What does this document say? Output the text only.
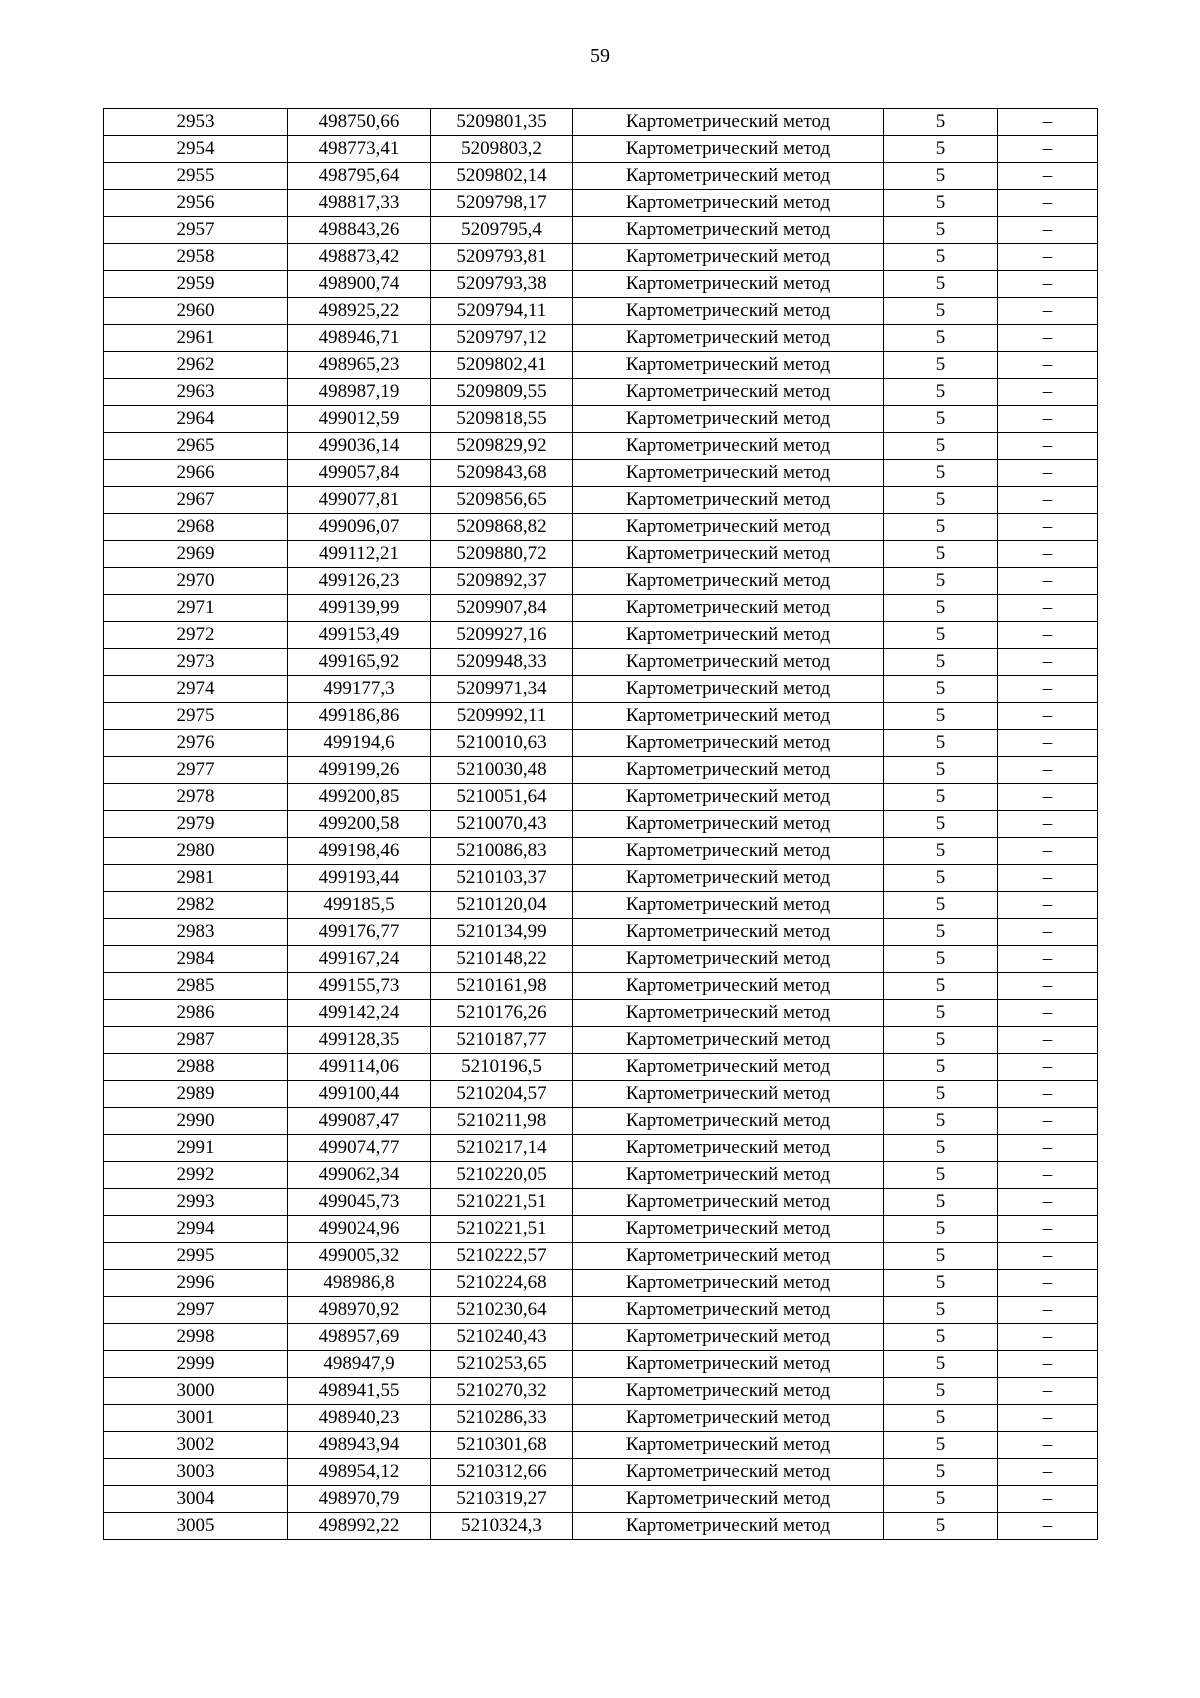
59
2953	498750,66	5209801,35	Картометрический метод	5	–
2954	498773,41	5209803,2	Картометрический метод	5	–
2955	498795,64	5209802,14	Картометрический метод	5	–
2956	498817,33	5209798,17	Картометрический метод	5	–
2957	498843,26	5209795,4	Картометрический метод	5	–
2958	498873,42	5209793,81	Картометрический метод	5	–
2959	498900,74	5209793,38	Картометрический метод	5	–
2960	498925,22	5209794,11	Картометрический метод	5	–
2961	498946,71	5209797,12	Картометрический метод	5	–
2962	498965,23	5209802,41	Картометрический метод	5	–
2963	498987,19	5209809,55	Картометрический метод	5	–
2964	499012,59	5209818,55	Картометрический метод	5	–
2965	499036,14	5209829,92	Картометрический метод	5	–
2966	499057,84	5209843,68	Картометрический метод	5	–
2967	499077,81	5209856,65	Картометрический метод	5	–
2968	499096,07	5209868,82	Картометрический метод	5	–
2969	499112,21	5209880,72	Картометрический метод	5	–
2970	499126,23	5209892,37	Картометрический метод	5	–
2971	499139,99	5209907,84	Картометрический метод	5	–
2972	499153,49	5209927,16	Картометрический метод	5	–
2973	499165,92	5209948,33	Картометрический метод	5	–
2974	499177,3	5209971,34	Картометрический метод	5	–
2975	499186,86	5209992,11	Картометрический метод	5	–
2976	499194,6	5210010,63	Картометрический метод	5	–
2977	499199,26	5210030,48	Картометрический метод	5	–
2978	499200,85	5210051,64	Картометрический метод	5	–
2979	499200,58	5210070,43	Картометрический метод	5	–
2980	499198,46	5210086,83	Картометрический метод	5	–
2981	499193,44	5210103,37	Картометрический метод	5	–
2982	499185,5	5210120,04	Картометрический метод	5	–
2983	499176,77	5210134,99	Картометрический метод	5	–
2984	499167,24	5210148,22	Картометрический метод	5	–
2985	499155,73	5210161,98	Картометрический метод	5	–
2986	499142,24	5210176,26	Картометрический метод	5	–
2987	499128,35	5210187,77	Картометрический метод	5	–
2988	499114,06	5210196,5	Картометрический метод	5	–
2989	499100,44	5210204,57	Картометрический метод	5	–
2990	499087,47	5210211,98	Картометрический метод	5	–
2991	499074,77	5210217,14	Картометрический метод	5	–
2992	499062,34	5210220,05	Картометрический метод	5	–
2993	499045,73	5210221,51	Картометрический метод	5	–
2994	499024,96	5210221,51	Картометрический метод	5	–
2995	499005,32	5210222,57	Картометрический метод	5	–
2996	498986,8	5210224,68	Картометрический метод	5	–
2997	498970,92	5210230,64	Картометрический метод	5	–
2998	498957,69	5210240,43	Картометрический метод	5	–
2999	498947,9	5210253,65	Картометрический метод	5	–
3000	498941,55	5210270,32	Картометрический метод	5	–
3001	498940,23	5210286,33	Картометрический метод	5	–
3002	498943,94	5210301,68	Картометрический метод	5	–
3003	498954,12	5210312,66	Картометрический метод	5	–
3004	498970,79	5210319,27	Картометрический метод	5	–
3005	498992,22	5210324,3	Картометрический метод	5	–
